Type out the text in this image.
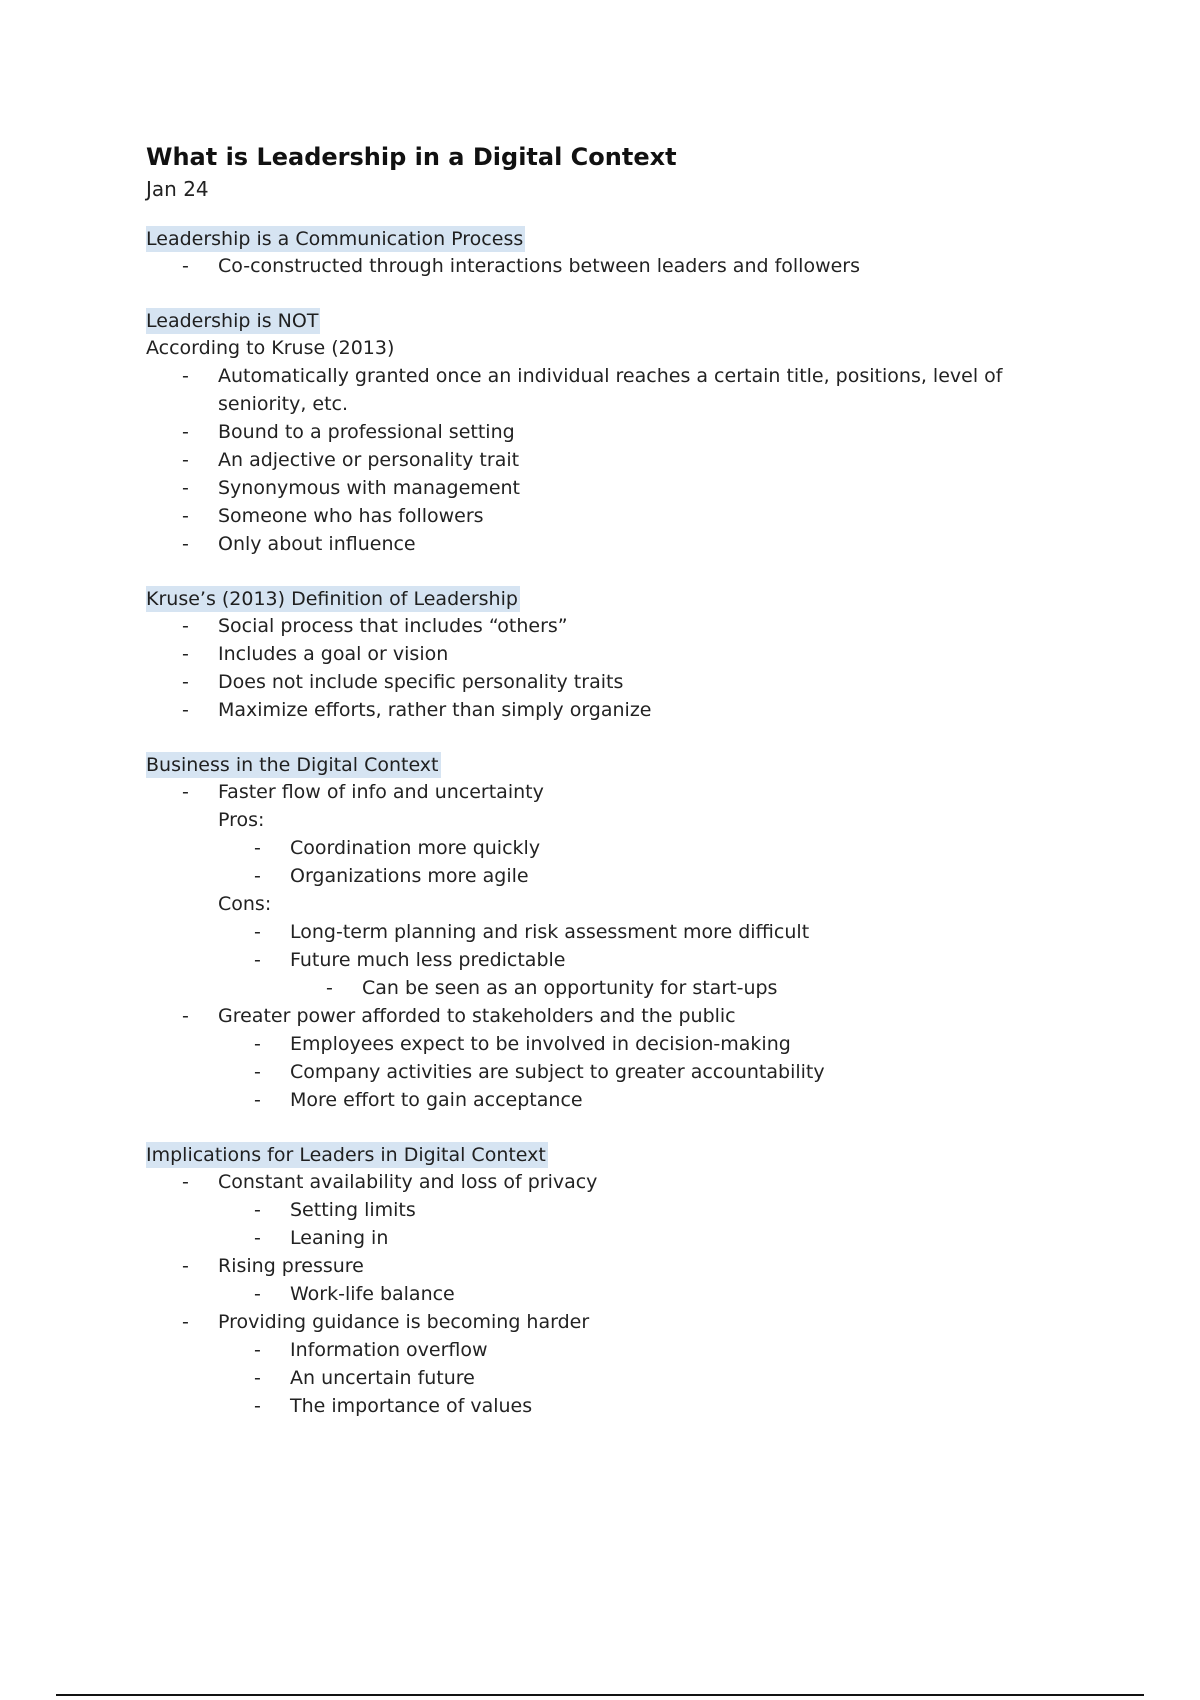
What is Leadership in a Digital Context

Jan 24

Leadership is a Communication Process
- Co-constructed through interactions between leaders and followers
Leadership is NOT
According to Kruse (2013)
- Automatically granted once an individual reaches a certain title, positions, level of seniority, etc.
- Bound to a professional setting
- An adjective or personality trait
- Synonymous with management
- Someone who has followers
- Only about influence
Kruse’s (2013) Definition of Leadership
- Social process that includes “others”
- Includes a goal or vision
- Does not include specific personality traits
- Maximize efforts, rather than simply organize
Business in the Digital Context
- Faster flow of info and uncertainty
Pros:
- Coordination more quickly
- Organizations more agile
Cons:
- Long-term planning and risk assessment more difficult
- Future much less predictable
- Can be seen as an opportunity for start-ups
- Greater power afforded to stakeholders and the public
- Employees expect to be involved in decision-making
- Company activities are subject to greater accountability
- More effort to gain acceptance
Implications for Leaders in Digital Context
- Constant availability and loss of privacy
- Setting limits
- Leaning in
- Rising pressure
- Work-life balance
- Providing guidance is becoming harder
- Information overflow
- An uncertain future
- The importance of values
